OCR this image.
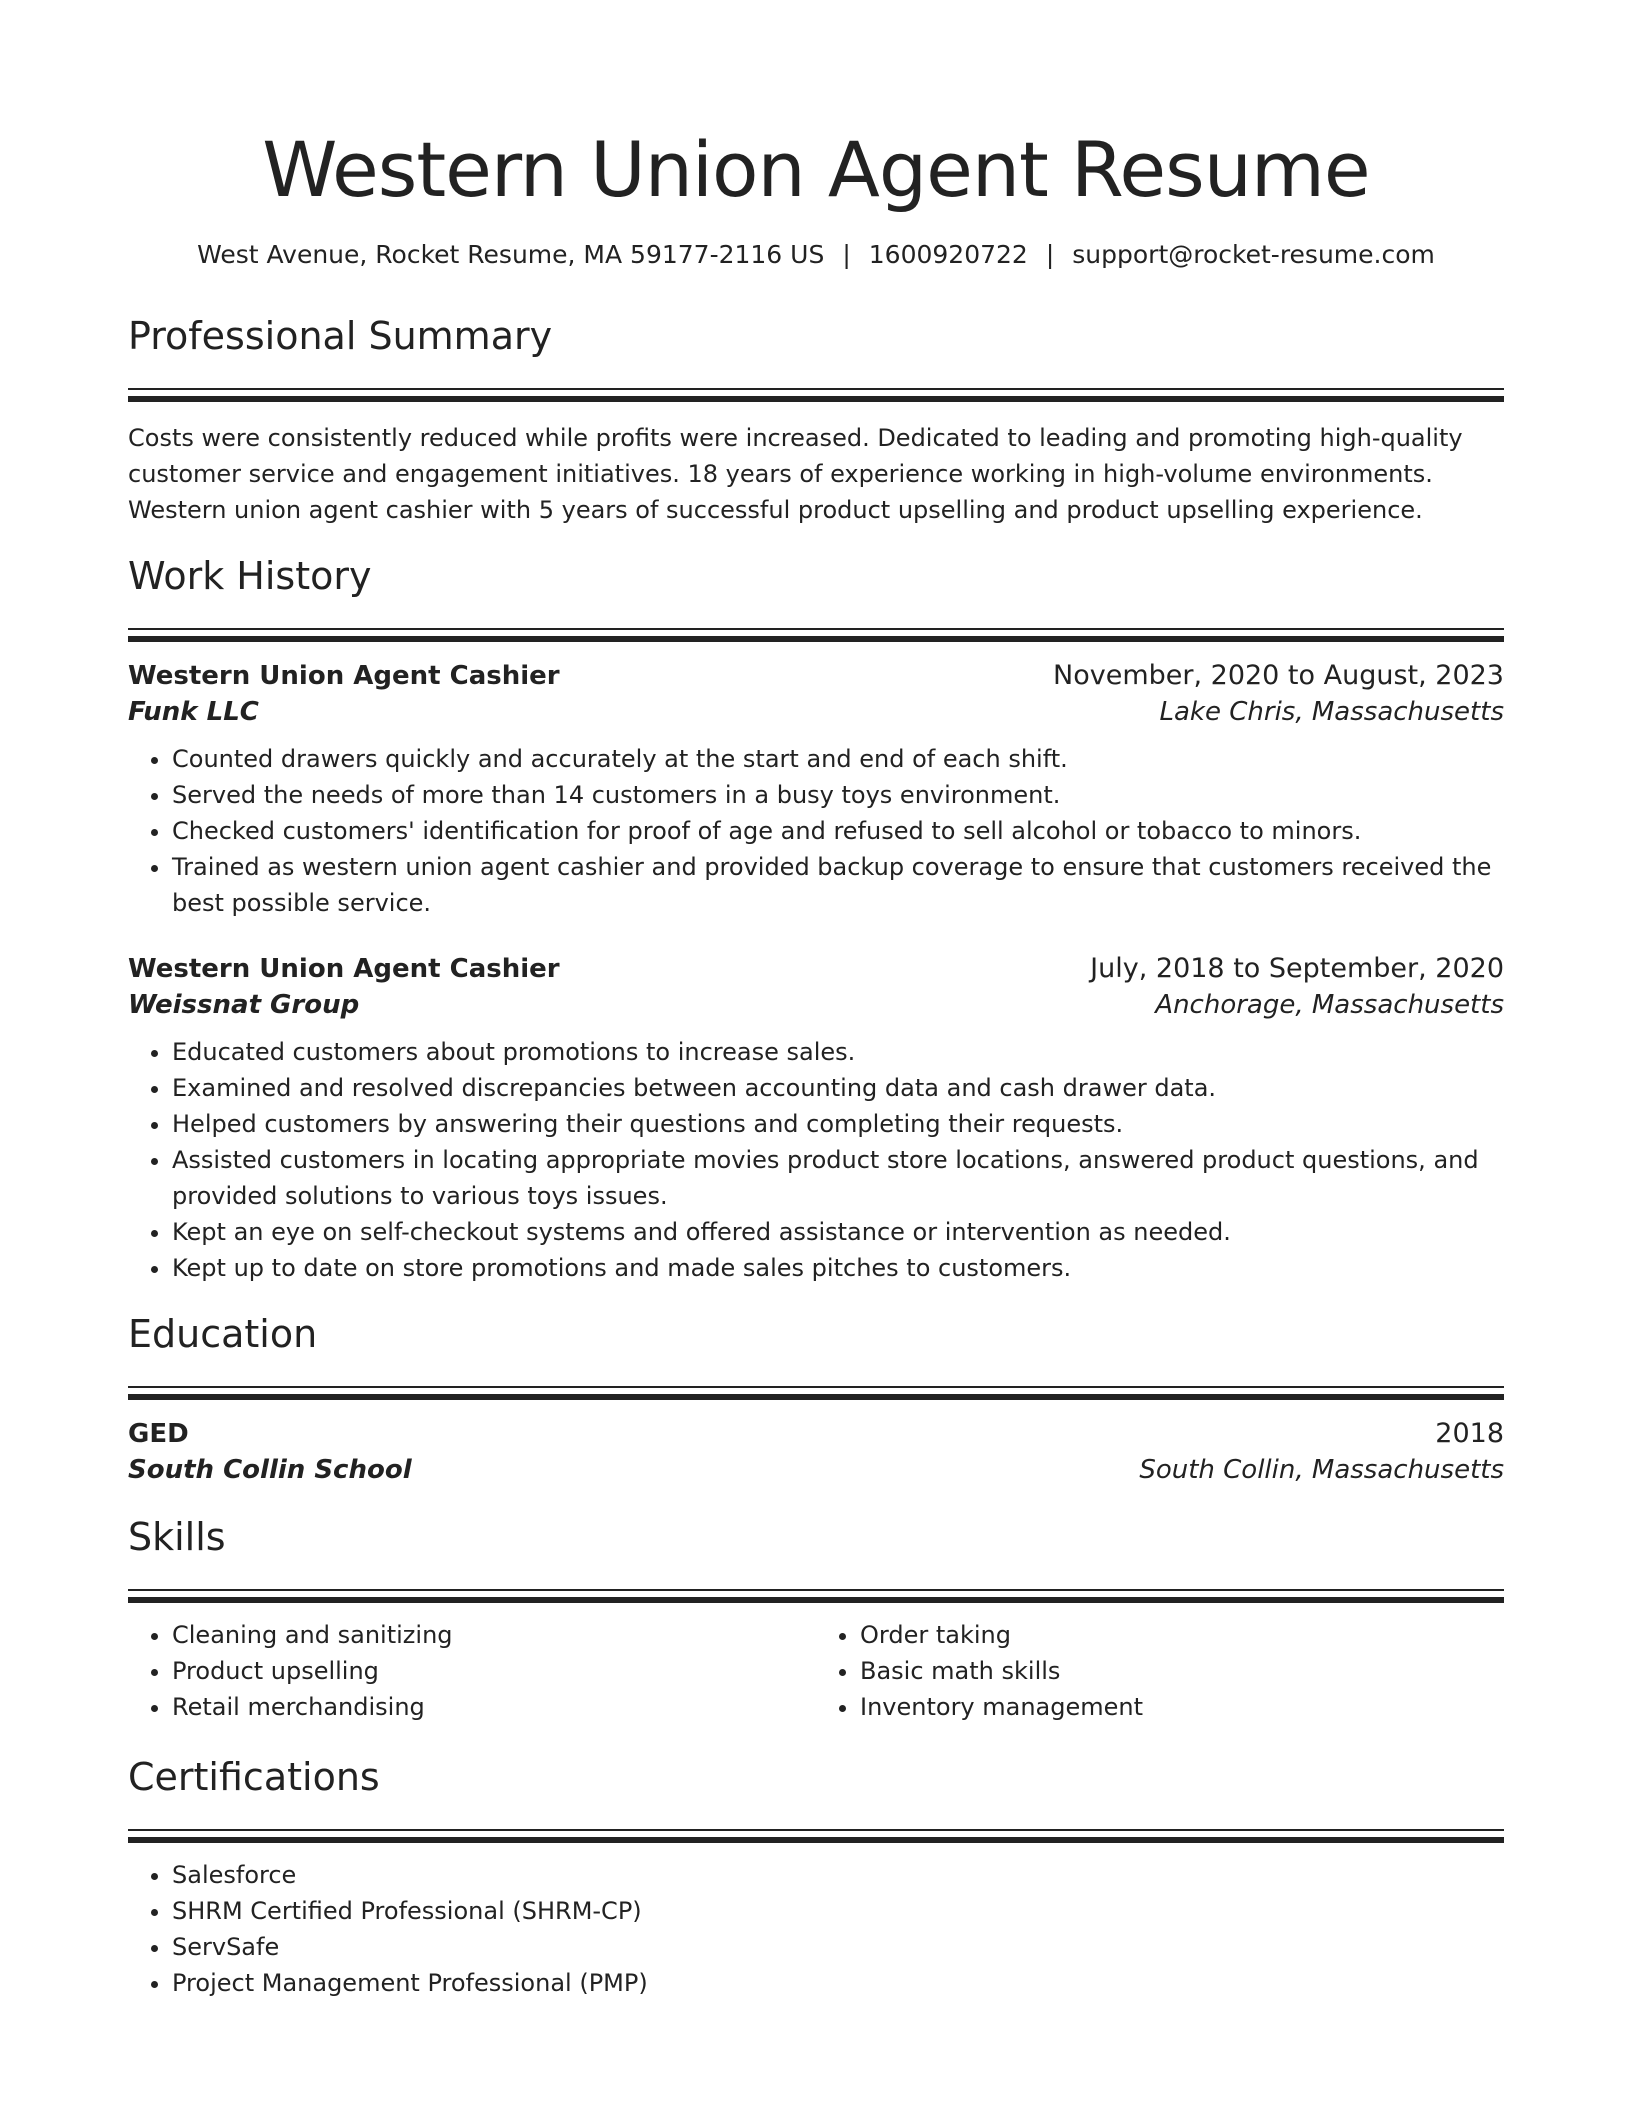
Western Union Agent Resume
West Avenue, Rocket Resume, MA 59177-2116 US | 1600920722 | support@rocket-resume.com
Professional Summary

Costs were consistently reduced while profits were increased. Dedicated to leading and promoting high-quality customer service and engagement initiatives. 18 years of experience working in high-volume environments. Western union agent cashier with 5 years of successful product upselling and product upselling experience.

Work History
Western Union Agent Cashier	November, 2020 to August, 2023
Funk LLC	Lake Chris, Massachusetts
• Counted drawers quickly and accurately at the start and end of each shift.
• Served the needs of more than 14 customers in a busy toys environment.
• Checked customers' identification for proof of age and refused to sell alcohol or tobacco to minors.
• Trained as western union agent cashier and provided backup coverage to ensure that customers received the best possible service.
Western Union Agent Cashier	July, 2018 to September, 2020
Weissnat Group	Anchorage, Massachusetts
• Educated customers about promotions to increase sales.
• Examined and resolved discrepancies between accounting data and cash drawer data.
• Helped customers by answering their questions and completing their requests.
• Assisted customers in locating appropriate movies product store locations, answered product questions, and provided solutions to various toys issues.
• Kept an eye on self-checkout systems and offered assistance or intervention as needed.
• Kept up to date on store promotions and made sales pitches to customers.
Education
GED	2018
South Collin School	South Collin, Massachusetts
Skills
• Cleaning and sanitizing
• Product upselling
• Retail merchandising
• Order taking
• Basic math skills
• Inventory management
Certifications
• Salesforce
• SHRM Certified Professional (SHRM-CP)
• ServSafe
• Project Management Professional (PMP)
